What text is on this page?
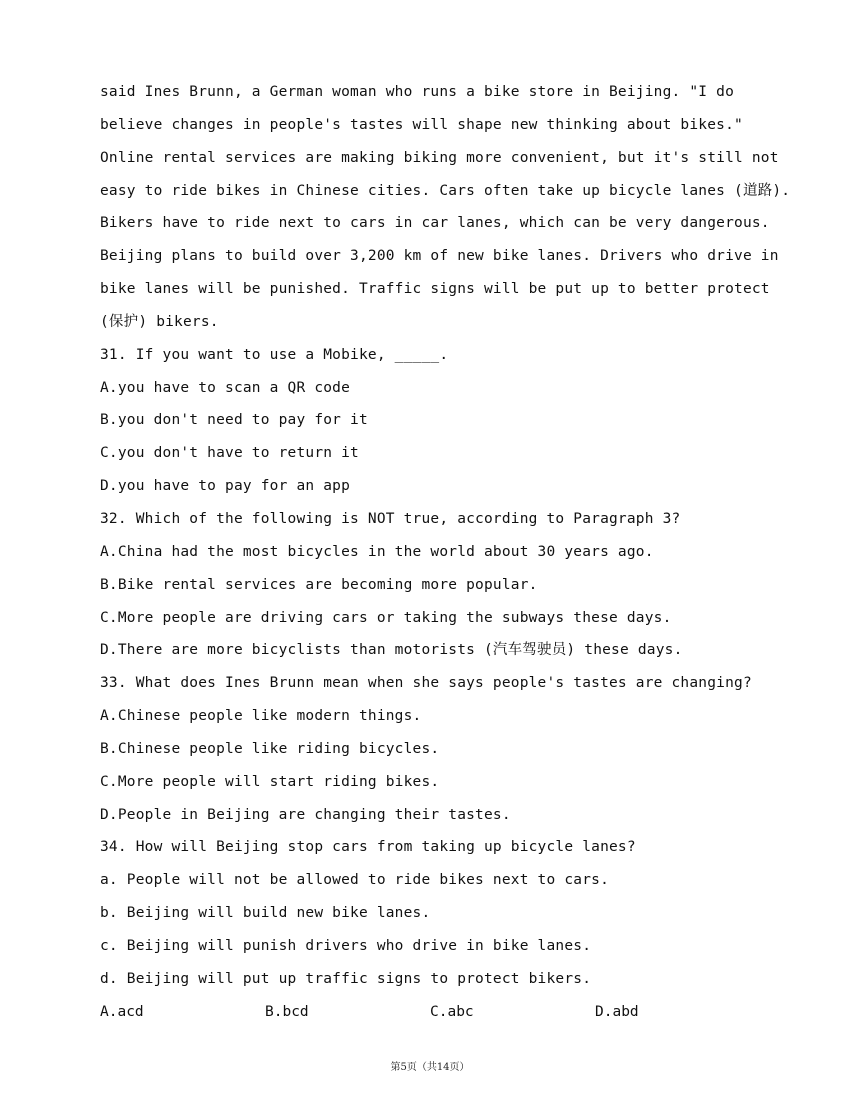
said Ines Brunn, a German woman who runs a bike store in Beijing. "I do
believe changes in people's tastes will shape new thinking about bikes."
Online rental services are making biking more convenient, but it's still not
easy to ride bikes in Chinese cities. Cars often take up bicycle lanes (道路).
Bikers have to ride next to cars in car lanes, which can be very dangerous.
Beijing plans to build over 3,200 km of new bike lanes. Drivers who drive in
bike lanes will be punished. Traffic signs will be put up to better protect
(保护) bikers.
31. If you want to use a Mobike, _____.
A.you have to scan a QR code
B.you don't need to pay for it
C.you don't have to return it
D.you have to pay for an app
32. Which of the following is NOT true, according to Paragraph 3?
A.China had the most bicycles in the world about 30 years ago.
B.Bike rental services are becoming more popular.
C.More people are driving cars or taking the subways these days.
D.There are more bicyclists than motorists (汽车驾驶员) these days.
33. What does Ines Brunn mean when she says people's tastes are changing?
A.Chinese people like modern things.
B.Chinese people like riding bicycles.
C.More people will start riding bikes.
D.People in Beijing are changing their tastes.
34. How will Beijing stop cars from taking up bicycle lanes?
a. People will not be allowed to ride bikes next to cars.
b. Beijing will build new bike lanes.
c. Beijing will punish drivers who drive in bike lanes.
d. Beijing will put up traffic signs to protect bikers.
A.acd	B.bcd	C.abc	D.abd
第5页（共14页）
